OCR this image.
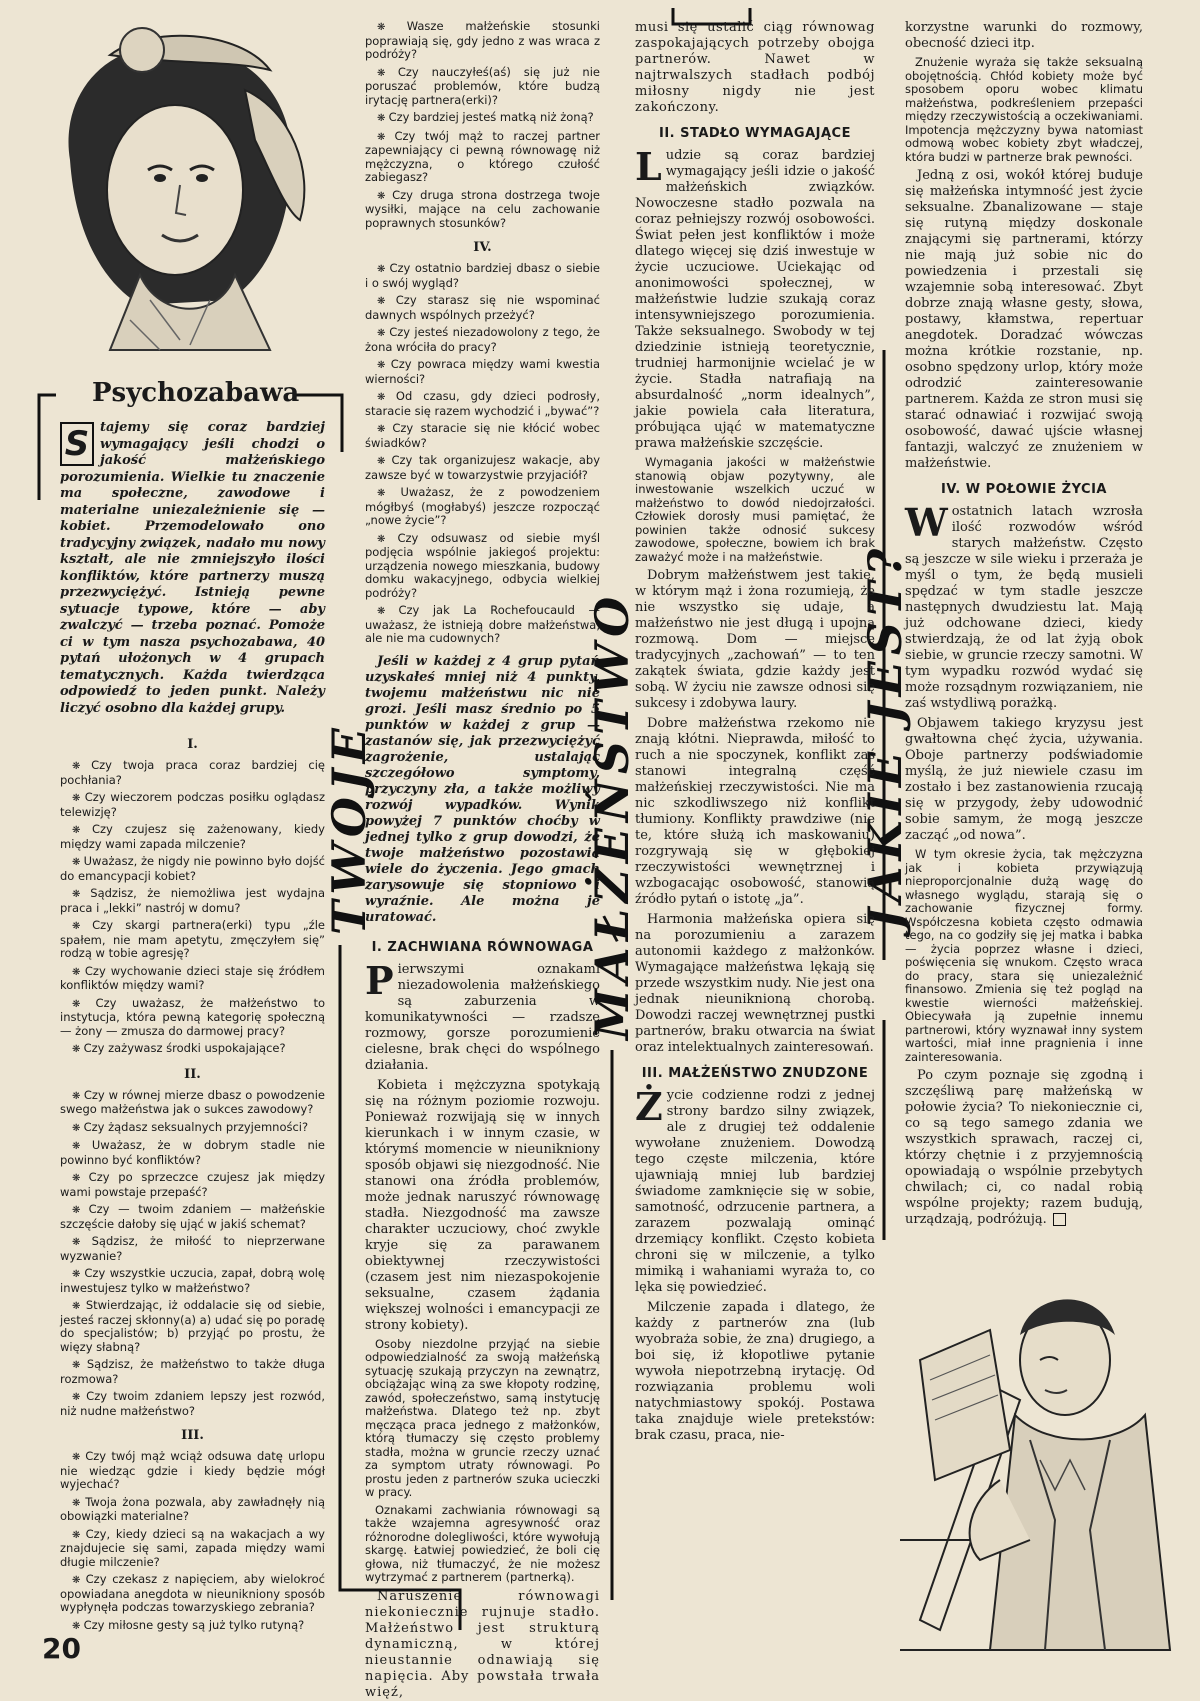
Psychozabawa
S tajemy się coraz bardziej wymagający jeśli chodzi o jakość małżeńskiego porozumienia. Wielkie tu znaczenie ma społeczne, zawodowe i materialne uniezależnienie się — kobiet. Przemodelowało ono tradycyjny związek, nadało mu nowy kształt, ale nie zmniejszyło ilości konfliktów, które partnerzy muszą przezwyciężyć. Istnieją pewne sytuacje typowe, które — aby zwalczyć — trzeba poznać. Pomoże ci w tym nasza psychozabawa, 40 pytań ułożonych w 4 grupach tematycznych. Każda twierdząca odpowiedź to jeden punkt. Należy liczyć osobno dla każdej grupy.
I.

❋ Czy twoja praca coraz bardziej cię pochłania?

❋ Czy wieczorem podczas posiłku oglądasz telewizję?

❋ Czy czujesz się zażenowany, kiedy między wami zapada milczenie?

❋ Uważasz, że nigdy nie powinno było dojść do emancypacji kobiet?

❋ Sądzisz, że niemożliwa jest wydajna praca i „lekki” nastrój w domu?

❋ Czy skargi partnera(erki) typu „źle spałem, nie mam apetytu, zmęczyłem się” rodzą w tobie agresję?

❋ Czy wychowanie dzieci staje się źródłem konfliktów między wami?

❋ Czy uważasz, że małżeństwo to instytucja, która pewną kategorię społeczną — żony — zmusza do darmowej pracy?

❋ Czy zażywasz środki uspokajające?

II.

❋ Czy w równej mierze dbasz o powodzenie swego małżeństwa jak o sukces zawodowy?

❋ Czy żądasz seksualnych przyjemności?

❋ Uważasz, że w dobrym stadle nie powinno być konfliktów?

❋ Czy po sprzeczce czujesz jak między wami powstaje przepaść?

❋ Czy — twoim zdaniem — małżeńskie szczęście dałoby się ująć w jakiś schemat?

❋ Sądzisz, że miłość to nieprzerwane wyzwanie?

❋ Czy wszystkie uczucia, zapał, dobrą wolę inwestujesz tylko w małżeństwo?

❋ Stwierdzając, iż oddalacie się od siebie, jesteś raczej skłonny(a) a) udać się po poradę do specjalistów; b) przyjąć po prostu, że więzy słabną?

❋ Sądzisz, że małżeństwo to także długa rozmowa?

❋ Czy twoim zdaniem lepszy jest rozwód, niż nudne małżeństwo?

III.

❋ Czy twój mąż wciąż odsuwa datę urlopu nie wiedząc gdzie i kiedy będzie mógł wyjechać?

❋ Twoja żona pozwala, aby zawładnęły nią obowiązki materialne?

❋ Czy, kiedy dzieci są na wakacjach a wy znajdujecie się sami, zapada między wami długie milczenie?

❋ Czy czekasz z napięciem, aby wielokroć opowiadana anegdota w nieunikniony sposób wypłynęła podczas towarzyskiego zebrania?

❋ Czy miłosne gesty są już tylko rutyną?

20

❋ Wasze małżeńskie stosunki poprawiają się, gdy jedno z was wraca z podróży?

❋ Czy nauczyłeś(aś) się już nie poruszać problemów, które budzą irytację partnera(erki)?

❋ Czy bardziej jesteś matką niż żoną?

❋ Czy twój mąż to raczej partner zapewniający ci pewną równowagę niż mężczyzna, o którego czułość zabiegasz?

❋ Czy druga strona dostrzega twoje wysiłki, mające na celu zachowanie poprawnych stosunków?

IV.

❋ Czy ostatnio bardziej dbasz o siebie i o swój wygląd?

❋ Czy starasz się nie wspominać dawnych wspólnych przeżyć?

❋ Czy jesteś niezadowolony z tego, że żona wróciła do pracy?

❋ Czy powraca między wami kwestia wierności?

❋ Od czasu, gdy dzieci podrosły, staracie się razem wychodzić i „bywać”?

❋ Czy staracie się nie kłócić wobec świadków?

❋ Czy tak organizujesz wakacje, aby zawsze być w towarzystwie przyjaciół?

❋ Uważasz, że z powodzeniem mógłbyś (mogłabyś) jeszcze rozpocząć „nowe życie”?

❋ Czy odsuwasz od siebie myśl podjęcia wspólnie jakiegoś projektu: urządzenia nowego mieszkania, budowy domku wakacyjnego, odbycia wielkiej podróży?

❋ Czy jak La Rochefoucauld — uważasz, że istnieją dobre małżeństwa, ale nie ma cudownych?

Jeśli w każdej z 4 grup pytań uzyskałeś mniej niż 4 punkty, twojemu małżeństwu nic nie grozi. Jeśli masz średnio po 5 punktów w każdej z grup — zastanów się, jak przezwyciężyć zagrożenie, ustalając szczegółowo symptomy, przyczyny zła, a także możliwy rozwój wypadków. Wynik powyżej 7 punktów choćby w jednej tylko z grup dowodzi, że twoje małżeństwo pozostawia wiele do życzenia. Jego gmach zarysowuje się stopniowo i wyraźnie. Ale można je uratować.

I. ZACHWIANA RÓWNOWAGA

Pierwszymi oznakami niezadowolenia małżeńskiego są zaburzenia w komunikatywności — rzadsze rozmowy, gorsze porozumienie cielesne, brak chęci do wspólnego działania.

Kobieta i mężczyzna spotykają się na różnym poziomie rozwoju. Ponieważ rozwijają się w innych kierunkach i w innym czasie, w którymś momencie w nieunikniony sposób objawi się niezgodność. Nie stanowi ona źródła problemów, może jednak naruszyć równowagę stadła. Niezgodność ma zawsze charakter uczuciowy, choć zwykle kryje się za parawanem obiektywnej rzeczywistości (czasem jest nim niezaspokojenie seksualne, czasem żądania większej wolności i emancypacji ze strony kobiety).

Osoby niezdolne przyjąć na siebie odpowiedzialność za swoją małżeńską sytuację szukają przyczyn na zewnątrz, obciążając winą za swe kłopoty rodzinę, zawód, społeczeństwo, samą instytucję małżeństwa. Dlatego też np. zbyt męcząca praca jednego z małżonków, którą tłumaczy się często problemy stadła, można w gruncie rzeczy uznać za symptom utraty równowagi. Po prostu jeden z partnerów szuka ucieczki w pracy.

Oznakami zachwiania równowagi są także wzajemna agresywność oraz różnorodne dolegliwości, które wywołują skargę. Łatwiej powiedzieć, że boli cię głowa, niż tłumaczyć, że nie możesz wytrzymać z partnerem (partnerką).

Naruszenie równowagi niekoniecznie rujnuje stadło. Małżeństwo jest strukturą dynamiczną, w której nieustannie odnawiają się napięcia. Aby powstała trwała więź,

TWOJE	MAŁŻEŃSTWO	JAKIE JEST?

musi się ustalić ciąg równowag zaspokajających potrzeby obojga partnerów. Nawet w najtrwalszych stadłach podbój miłosny nigdy nie jest zakończony.

II. STADŁO WYMAGAJĄCE

Ludzie są coraz bardziej wymagający jeśli idzie o jakość małżeńskich związków. Nowoczesne stadło pozwala na coraz pełniejszy rozwój osobowości. Świat pełen jest konfliktów i może dlatego więcej się dziś inwestuje w życie uczuciowe. Uciekając od anonimowości społecznej, w małżeństwie ludzie szukają coraz intensywniejszego porozumienia. Także seksualnego. Swobody w tej dziedzinie istnieją teoretycznie, trudniej harmonijnie wcielać je w życie. Stadła natrafiają na absurdalność „norm idealnych”, jakie powiela cała literatura, próbująca ująć w matematyczne prawa małżeńskie szczęście.

Wymagania jakości w małżeństwie stanowią objaw pozytywny, ale inwestowanie wszelkich uczuć w małżeństwo to dowód niedojrzałości. Człowiek dorosły musi pamiętać, że powinien także odnosić sukcesy zawodowe, społeczne, bowiem ich brak zaważyć może i na małżeństwie.

Dobrym małżeństwem jest takie, w którym mąż i żona rozumieją, że nie wszystko się udaje, a małżeństwo nie jest długą i upojną rozmową. Dom — miejsce tradycyjnych „zachowań” — to ten zakątek świata, gdzie każdy jest sobą. W życiu nie zawsze odnosi się sukcesy i zdobywa laury.

Dobre małżeństwa rzekomo nie znają kłótni. Nieprawda, miłość to ruch a nie spoczynek, konflikt zaś stanowi integralną część małżeńskiej rzeczywistości. Nie ma nic szkodliwszego niż konflikt tłumiony. Konflikty prawdziwe (nie te, które służą ich maskowaniu) rozgrywają się w głębokiej rzeczywistości wewnętrznej i wzbogacając osobowość, stanowią źródło pytań o istotę „ja”.

Harmonia małżeńska opiera się na porozumieniu a zarazem autonomii każdego z małżonków. Wymagające małżeństwa lękają się przede wszystkim nudy. Nie jest ona jednak nieuniknioną chorobą. Dowodzi raczej wewnętrznej pustki partnerów, braku otwarcia na świat oraz intelektualnych zainteresowań.

III. MAŁŻEŃSTWO ZNUDZONE

Życie codzienne rodzi z jednej strony bardzo silny związek, ale z drugiej też oddalenie wywołane znużeniem. Dowodzą tego częste milczenia, które ujawniają mniej lub bardziej świadome zamknięcie się w sobie, samotność, odrzucenie partnera, a zarazem pozwalają ominąć drzemiący konflikt. Często kobieta chroni się w milczenie, a tylko mimiką i wahaniami wyraża to, co lęka się powiedzieć.

Milczenie zapada i dlatego, że każdy z partnerów zna (lub wyobraża sobie, że zna) drugiego, a boi się, iż kłopotliwe pytanie wywoła niepotrzebną irytację. Od rozwiązania problemu woli natychmiastowy spokój. Postawa taka znajduje wiele pretekstów: brak czasu, praca, nie-

korzystne warunki do rozmowy, obecność dzieci itp.

Znużenie wyraża się także seksualną obojętnością. Chłód kobiety może być sposobem oporu wobec klimatu małżeństwa, podkreśleniem przepaści między rzeczywistością a oczekiwaniami. Impotencja mężczyzny bywa natomiast odmową wobec kobiety zbyt władczej, która budzi w partnerze brak pewności.

Jedną z osi, wokół której buduje się małżeńska intymność jest życie seksualne. Zbanalizowane — staje się rutyną między doskonale znającymi się partnerami, którzy nie mają już sobie nic do powiedzenia i przestali się wzajemnie sobą interesować. Zbyt dobrze znają własne gesty, słowa, postawy, kłamstwa, repertuar anegdotek. Doradzać wówczas można krótkie rozstanie, np. osobno spędzony urlop, który może odrodzić zainteresowanie partnerem. Każda ze stron musi się starać odnawiać i rozwijać swoją osobowość, dawać ujście własnej fantazji, walczyć ze znużeniem w małżeństwie.

IV. W POŁOWIE ŻYCIA

Wostatnich latach wzrosła ilość rozwodów wśród starych małżeństw. Często są jeszcze w sile wieku i przeraża je myśl o tym, że będą musieli spędzać w tym stadle jeszcze następnych dwudziestu lat. Mają już odchowane dzieci, kiedy stwierdzają, że od lat żyją obok siebie, w gruncie rzeczy samotni. W tym wypadku rozwód wydać się może rozsądnym rozwiązaniem, nie zaś wstydliwą porażką.

Objawem takiego kryzysu jest gwałtowna chęć życia, używania. Oboje partnerzy podświadomie myślą, że już niewiele czasu im zostało i bez zastanowienia rzucają się w przygody, żeby udowodnić sobie samym, że mogą jeszcze zacząć „od nowa”.

W tym okresie życia, tak mężczyzna jak i kobieta przywiązują nieproporcjonalnie dużą wagę do własnego wyglądu, starają się o zachowanie fizycznej formy. Współczesna kobieta często odmawia tego, na co godziły się jej matka i babka — życia poprzez własne i dzieci, poświęcenia się wnukom. Często wraca do pracy, stara się uniezależnić finansowo. Zmienia się też pogląd na kwestie wierności małżeńskiej. Obiecywała ją zupełnie innemu partnerowi, który wyznawał inny system wartości, miał inne pragnienia i inne zainteresowania.

Po czym poznaje się zgodną i szczęśliwą parę małżeńską w połowie życia? To niekoniecznie ci, co są tego samego zdania we wszystkich sprawach, raczej ci, którzy chętnie i z przyjemnością opowiadają o wspólnie przebytych chwilach; ci, co nadal robią wspólne projekty; razem budują, urządzają, podróżują.
